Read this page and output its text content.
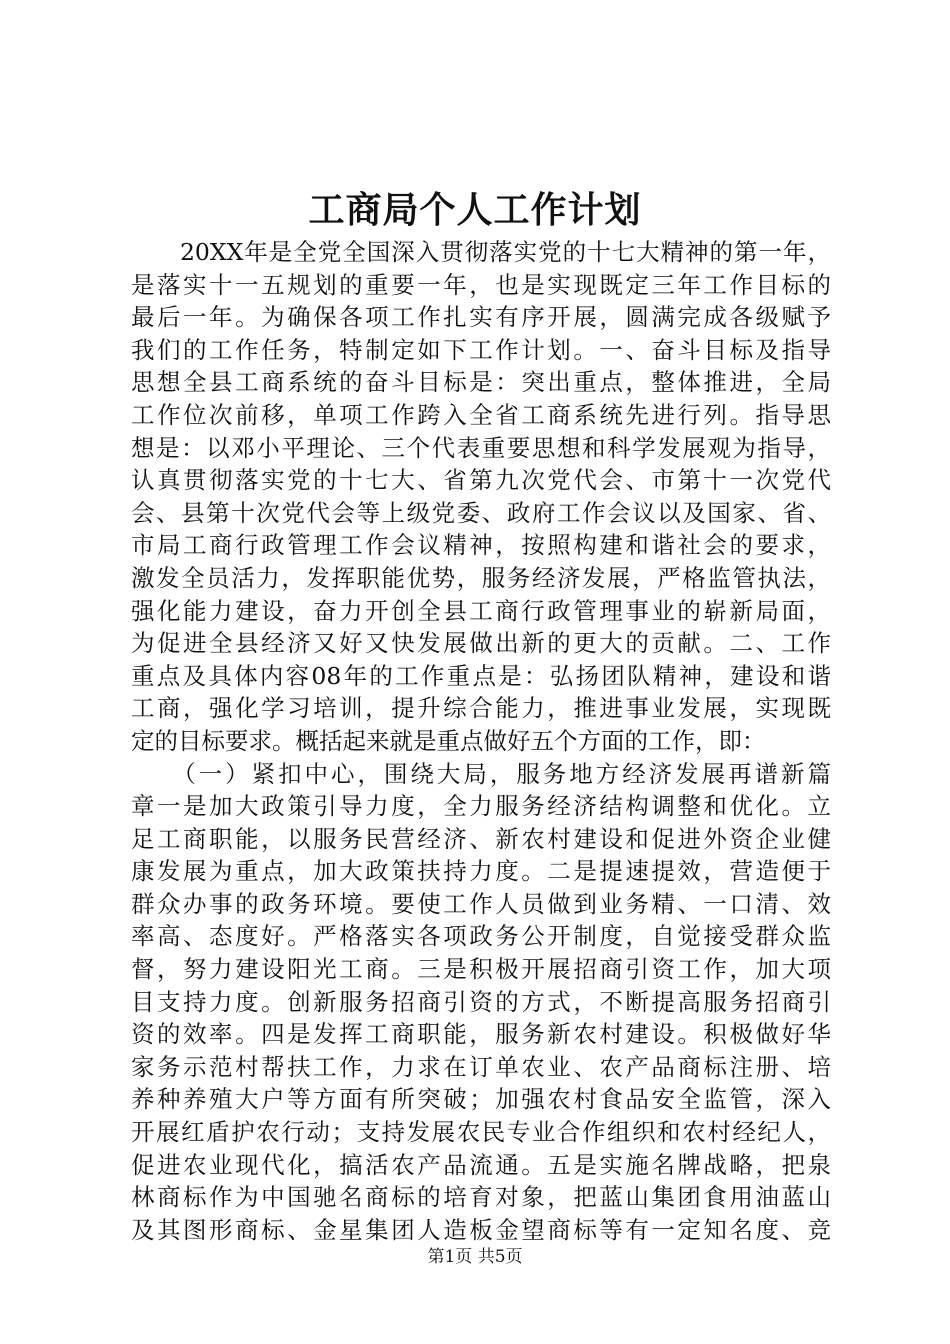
工商局个人工作计划
　　20XX年是全党全国深入贯彻落实党的十七大精神的第一年，
是落实十一五规划的重要一年，也是实现既定三年工作目标的
最后一年。为确保各项工作扎实有序开展，圆满完成各级赋予
我们的工作任务，特制定如下工作计划。一、奋斗目标及指导
思想全县工商系统的奋斗目标是：突出重点，整体推进，全局
工作位次前移，单项工作跨入全省工商系统先进行列。指导思
想是：以邓小平理论、三个代表重要思想和科学发展观为指导，
认真贯彻落实党的十七大、省第九次党代会、市第十一次党代
会、县第十次党代会等上级党委、政府工作会议以及国家、省、
市局工商行政管理工作会议精神，按照构建和谐社会的要求，
激发全员活力，发挥职能优势，服务经济发展，严格监管执法，
强化能力建设，奋力开创全县工商行政管理事业的崭新局面，
为促进全县经济又好又快发展做出新的更大的贡献。二、工作
重点及具体内容08年的工作重点是：弘扬团队精神，建设和谐
工商，强化学习培训，提升综合能力，推进事业发展，实现既
定的目标要求。概括起来就是重点做好五个方面的工作，即：
　　（一）紧扣中心，围绕大局，服务地方经济发展再谱新篇
章一是加大政策引导力度，全力服务经济结构调整和优化。立
足工商职能，以服务民营经济、新农村建设和促进外资企业健
康发展为重点，加大政策扶持力度。二是提速提效，营造便于
群众办事的政务环境。要使工作人员做到业务精、一口清、效
率高、态度好。严格落实各项政务公开制度，自觉接受群众监
督，努力建设阳光工商。三是积极开展招商引资工作，加大项
目支持力度。创新服务招商引资的方式，不断提高服务招商引
资的效率。四是发挥工商职能，服务新农村建设。积极做好华
家务示范村帮扶工作，力求在订单农业、农产品商标注册、培
养种养殖大户等方面有所突破；加强农村食品安全监管，深入
开展红盾护农行动；支持发展农民专业合作组织和农村经纪人，
促进农业现代化，搞活农产品流通。五是实施名牌战略，把泉
林商标作为中国驰名商标的培育对象，把蓝山集团食用油蓝山
及其图形商标、金星集团人造板金望商标等有一定知名度、竞
第1页 共5页
